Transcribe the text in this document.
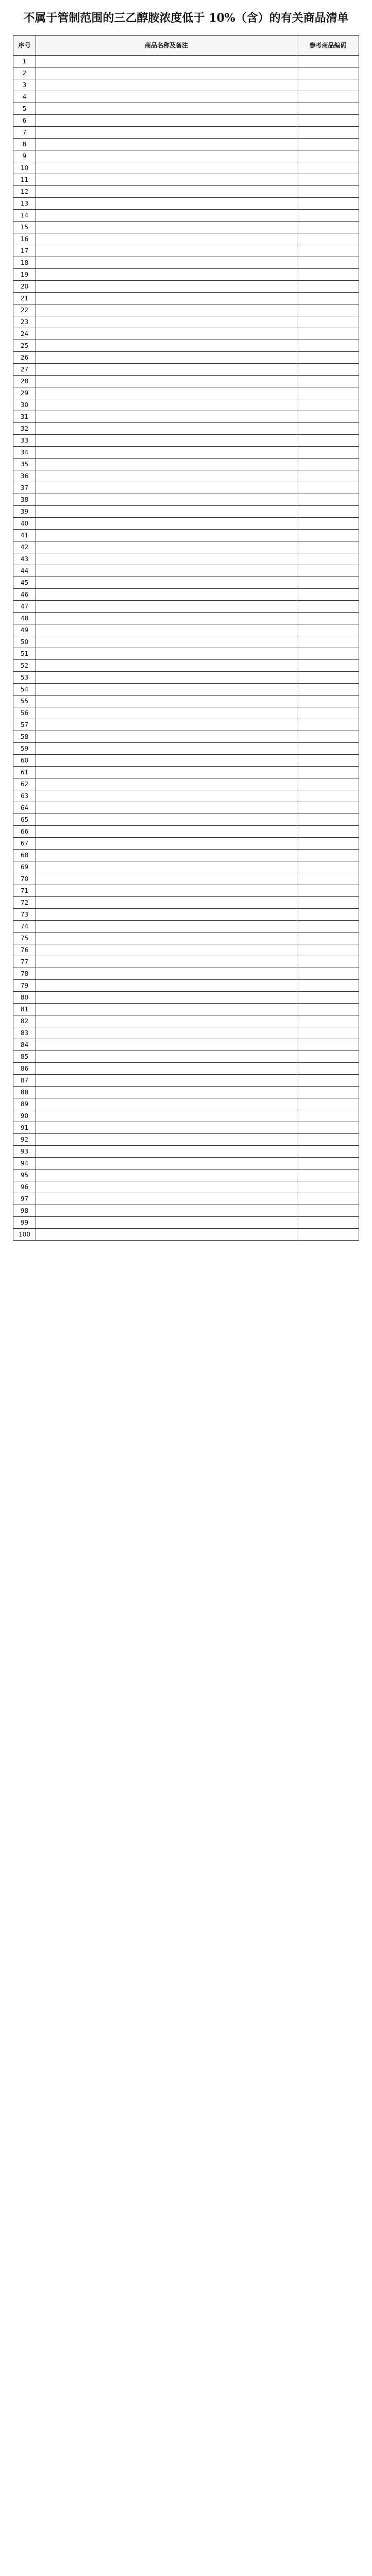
不属于管制范围的三乙醇胺浓度低于 10%（含）的有关商品清单
序号	商品名称及备注	参考商品编码
1		
2		
3		
4		
5		
6		
7		
8		
9		
10		
11		
12		
13		
14		
15		
16		
17		
18		
19		
20		
21		
22		
23		
24		
25		
26		
27		
28		
29		
30		
31		
32		
33		
34		
35		
36		
37		
38		
39		
40		
41		
42		
43		
44		
45		
46		
47		
48		
49		
50		
51		
52		
53		
54		
55		
56		
57		
58		
59		
60		
61		
62		
63		
64		
65		
66		
67		
68		
69		
70		
71		
72		
73		
74		
75		
76		
77		
78		
79		
80		
81		
82		
83		
84		
85		
86		
87		
88		
89		
90		
91		
92		
93		
94		
95		
96		
97		
98		
99		
100		
